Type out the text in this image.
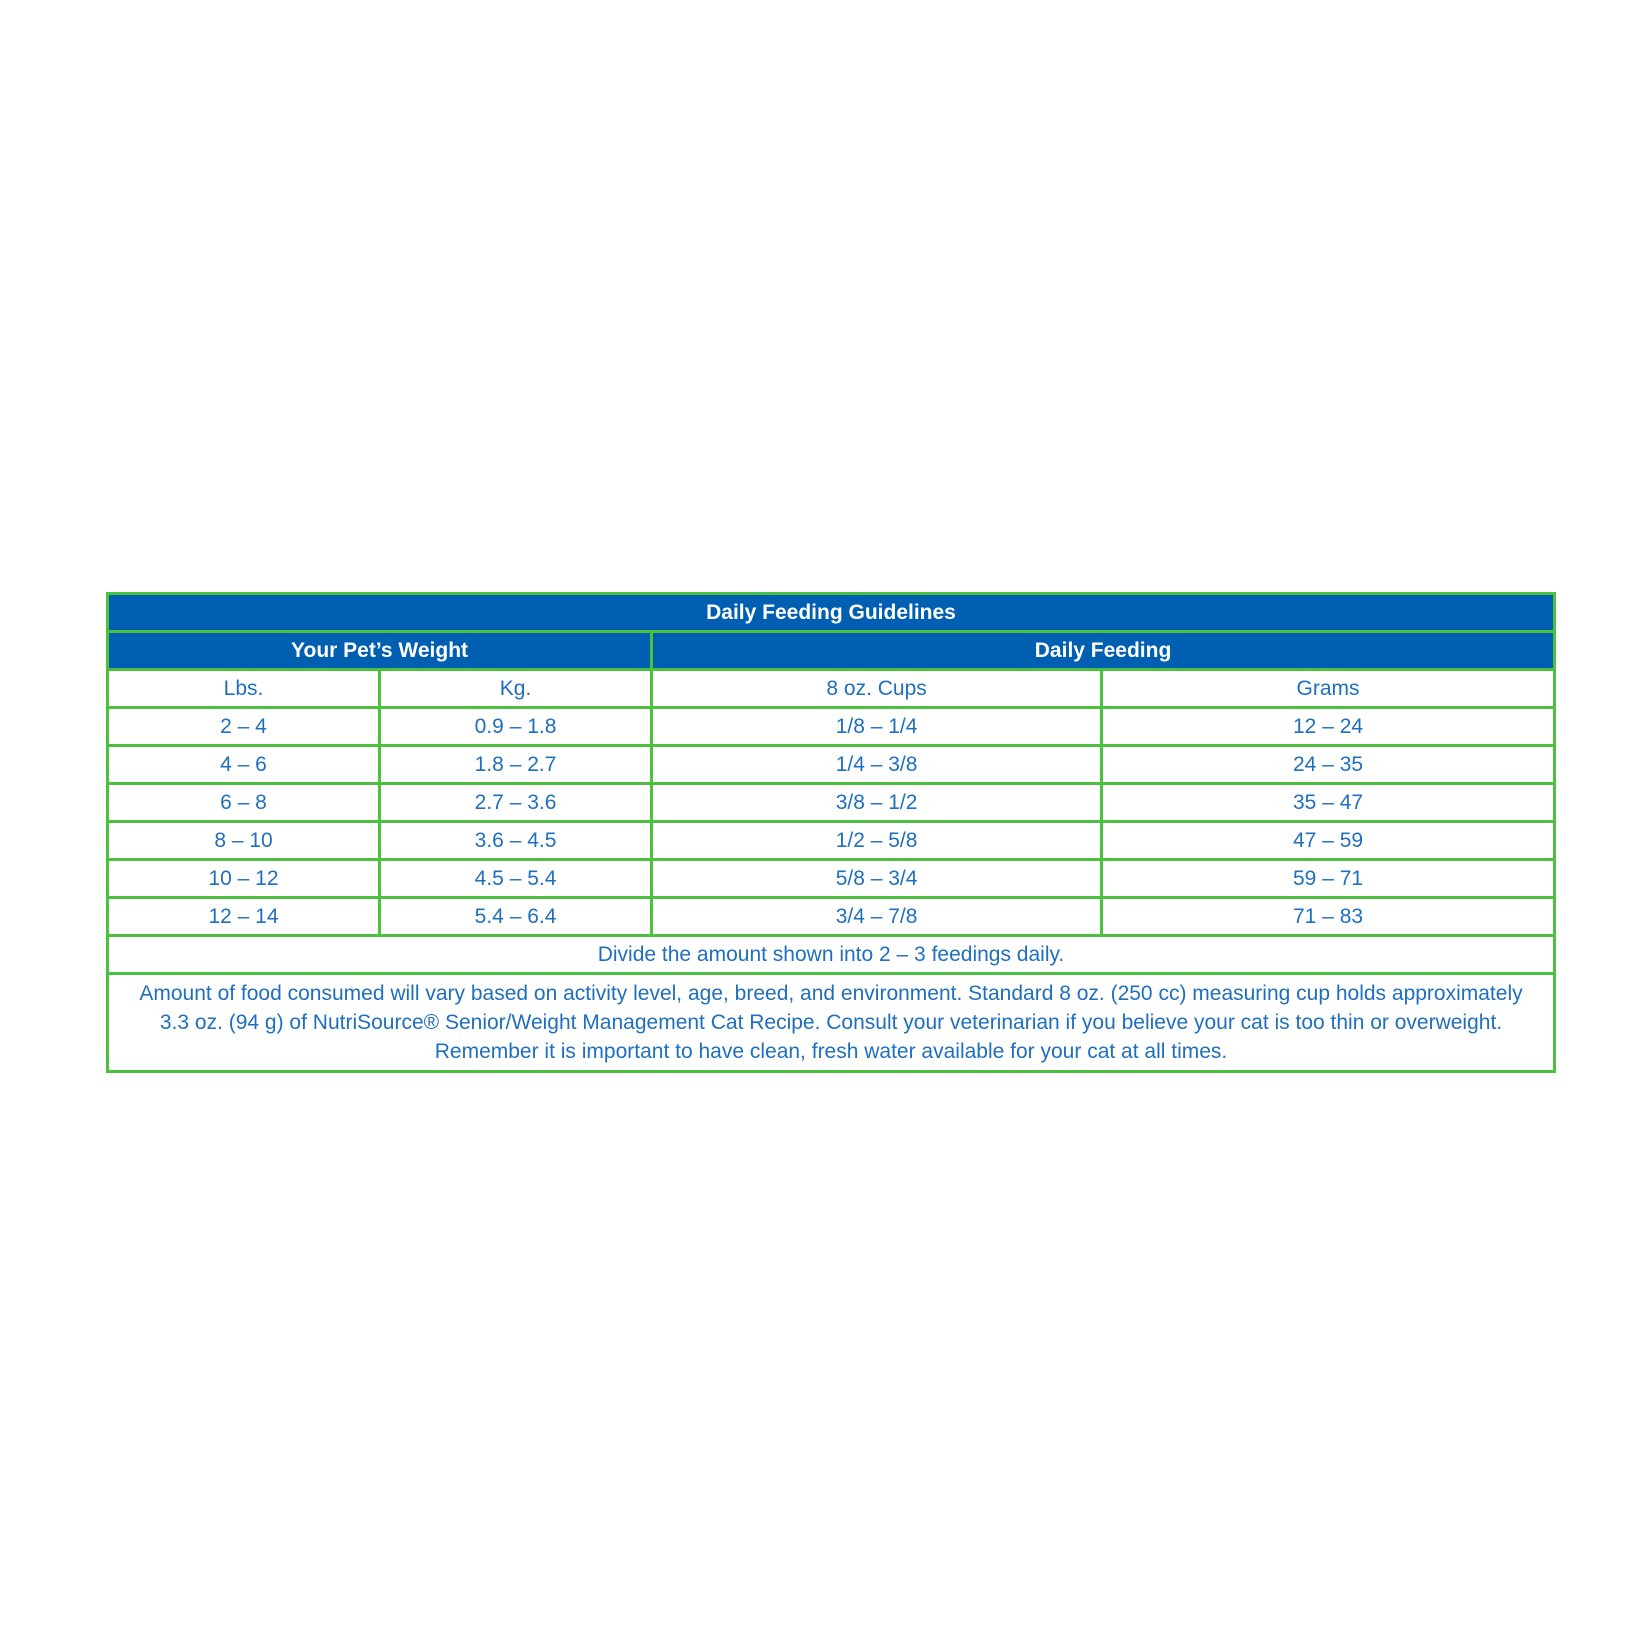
Daily Feeding Guidelines			
Your Pet’s Weight		Daily Feeding	
Lbs.	Kg.	8 oz. Cups	Grams
2 – 4	0.9 – 1.8	1/8 – 1/4	12 – 24
4 – 6	1.8 – 2.7	1/4 – 3/8	24 – 35
6 – 8	2.7 – 3.6	3/8 – 1/2	35 – 47
8 – 10	3.6 – 4.5	1/2 – 5/8	47 – 59
10 – 12	4.5 – 5.4	5/8 – 3/4	59 – 71
12 – 14	5.4 – 6.4	3/4 – 7/8	71 – 83
Divide the amount shown into 2 – 3 feedings daily.			
Amount of food consumed will vary based on activity level, age, breed, and environment. Standard 8 oz. (250 cc) measuring cup holds approximately 3.3 oz. (94 g) of NutriSource® Senior/Weight Management Cat Recipe. Consult your veterinarian if you believe your cat is too thin or overweight. Remember it is important to have clean, fresh water available for your cat at all times.			
